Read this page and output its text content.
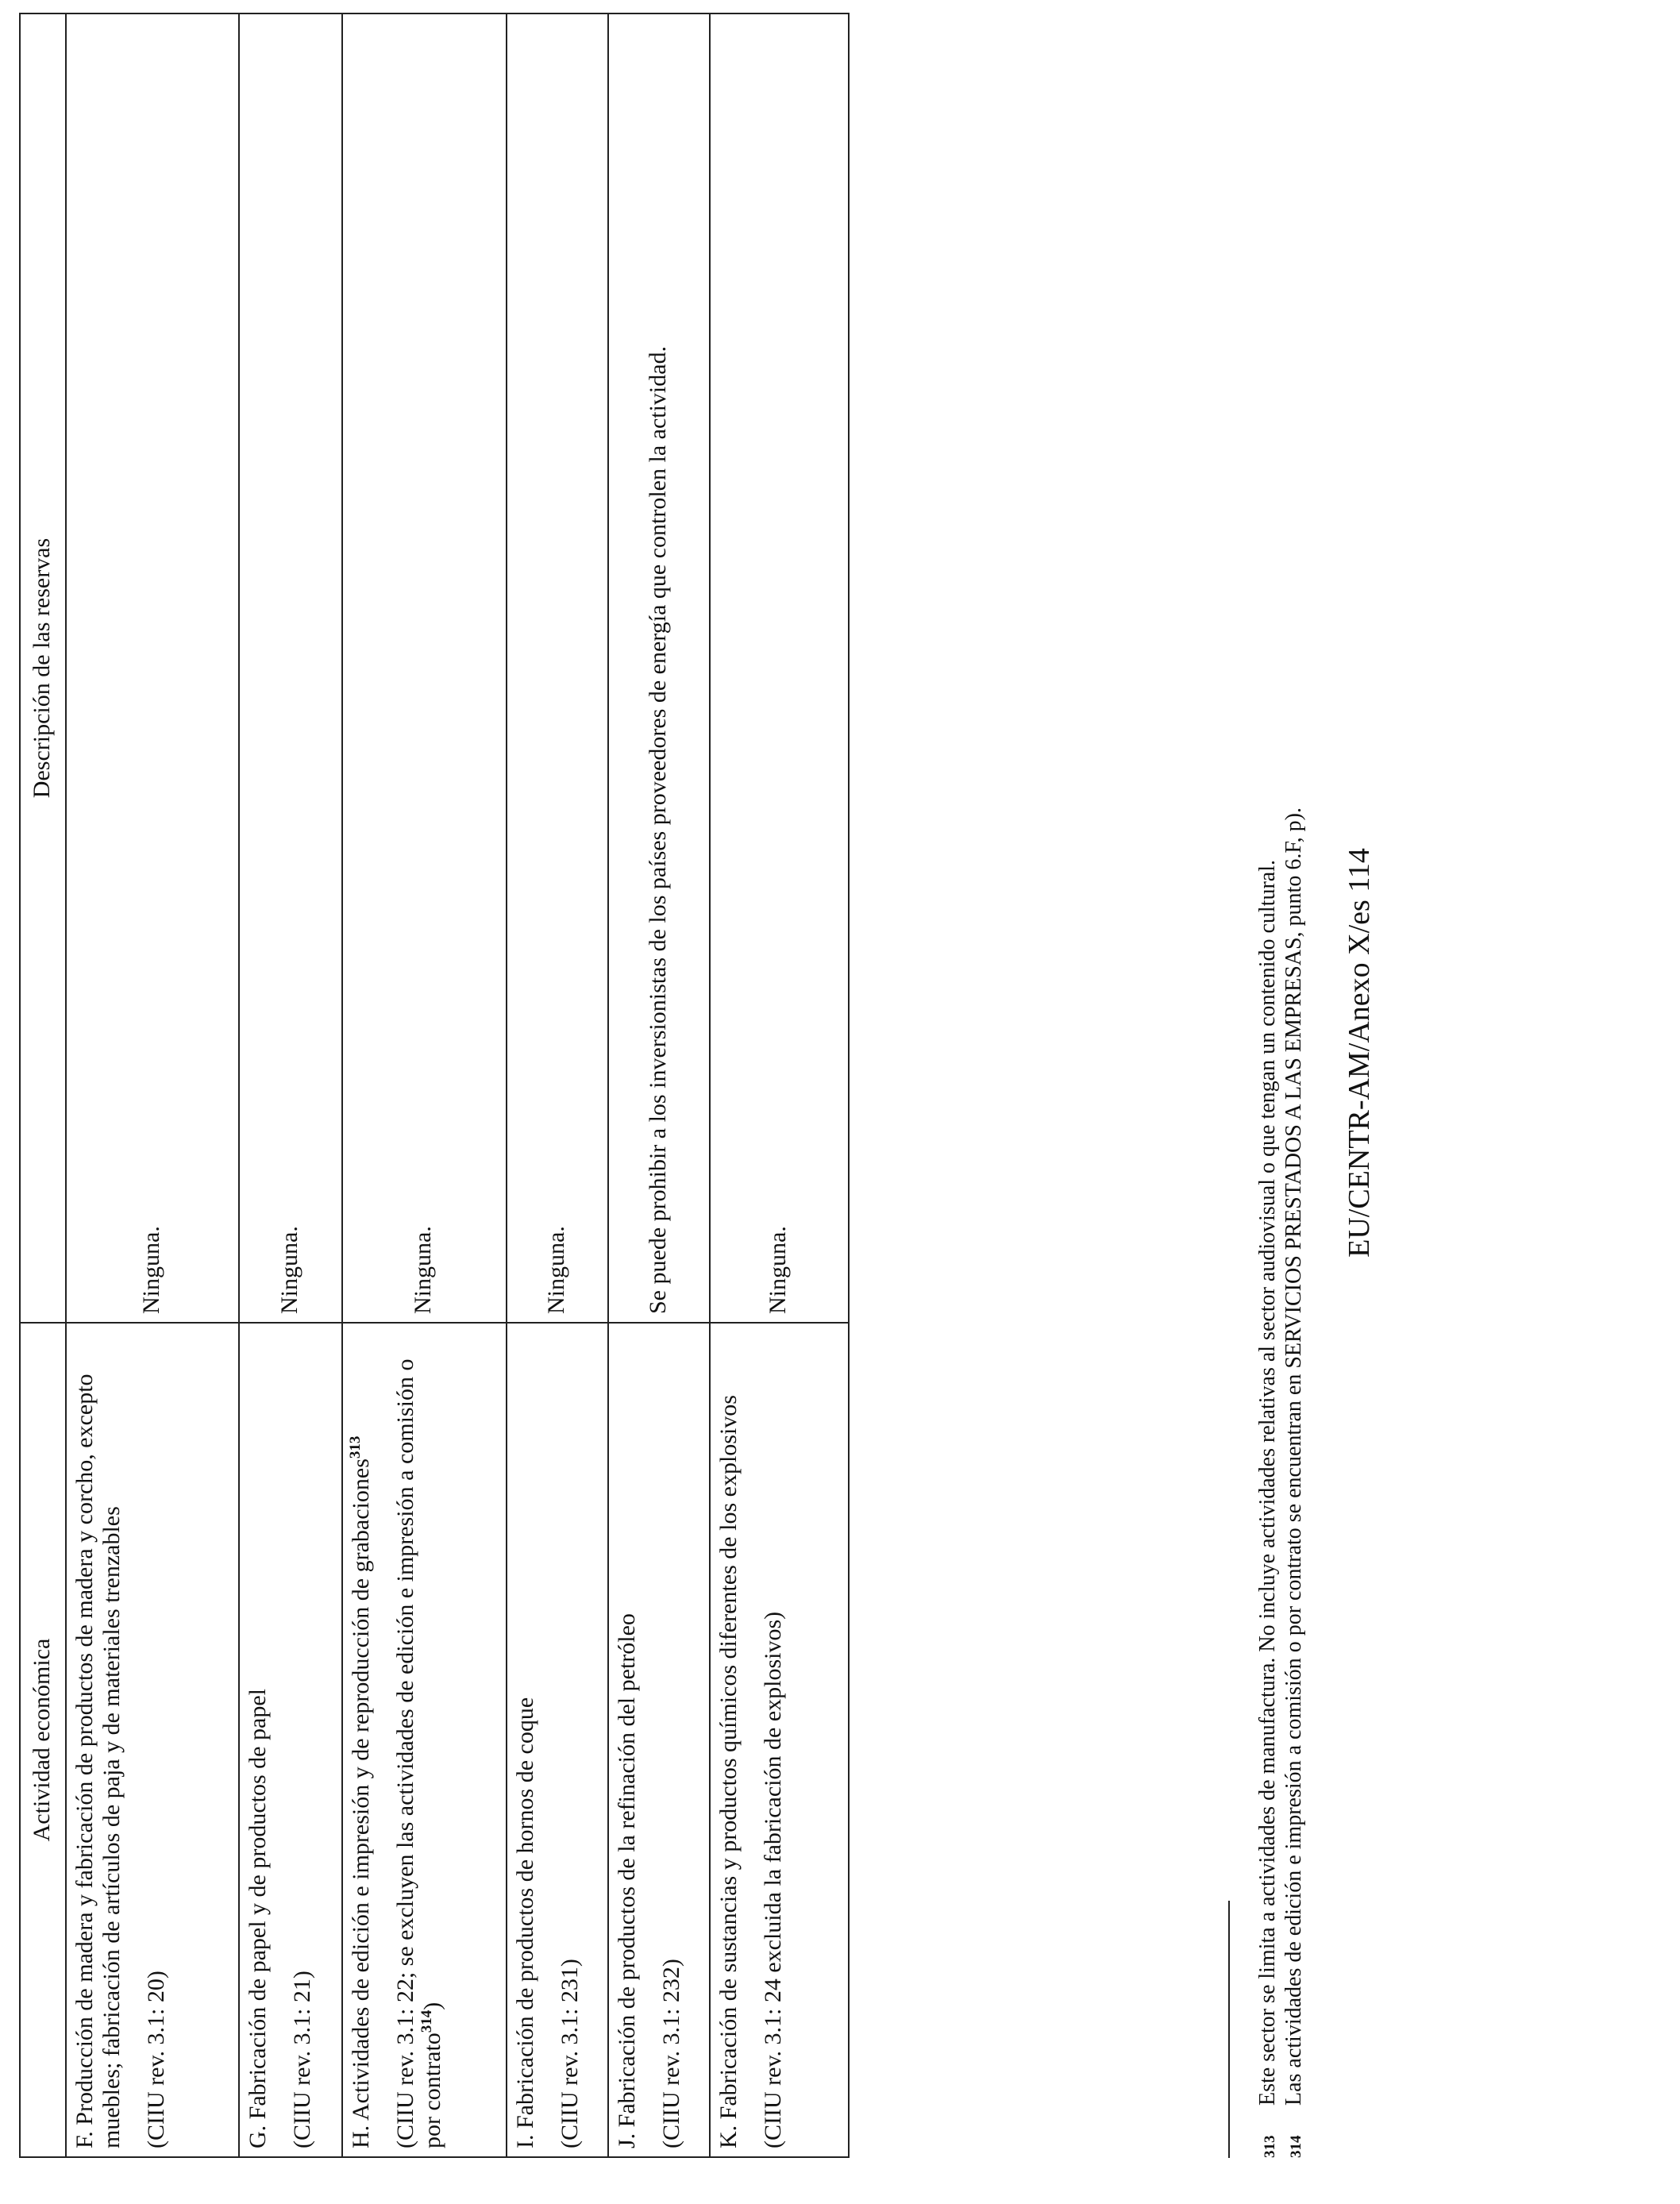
Actividad económica	Descripción de las reservas

F. Producción de madera y fabricación de productos de madera y corcho, excepto muebles; fabricación de artículos de paja y de materiales trenzables (CIIU rev. 3.1: 20)	Ninguna.

G. Fabricación de papel y de productos de papel (CIIU rev. 3.1: 21)	Ninguna.

H. Actividades de edición e impresión y de reproducción de grabaciones$^{313}$ (CIIU rev. 3.1: 22; se excluyen las actividades de edición e impresión a comisión o por contrato$^{314}$)	Ninguna.

I. Fabricación de productos de hornos de coque (CIIU rev. 3.1: 231)	Ninguna.

J. Fabricación de productos de la refinación del petróleo (CIIU rev. 3.1: 232)	Se puede prohibir a los inversionistas de los países proveedores de energía que controlen la actividad.

K. Fabricación de sustancias y productos químicos diferentes de los explosivos (CIIU rev. 3.1: 24 excluida la fabricación de explosivos)	Ninguna.
313Este sector se limita a actividades de manufactura. No incluye actividades relativas al sector audiovisual o que tengan un contenido cultural.
314Las actividades de edición e impresión a comisión o por contrato se encuentran en SERVICIOS PRESTADOS A LAS EMPRESAS, punto 6.F, p). EU/CENTR-AM/Anexo X/es 114
